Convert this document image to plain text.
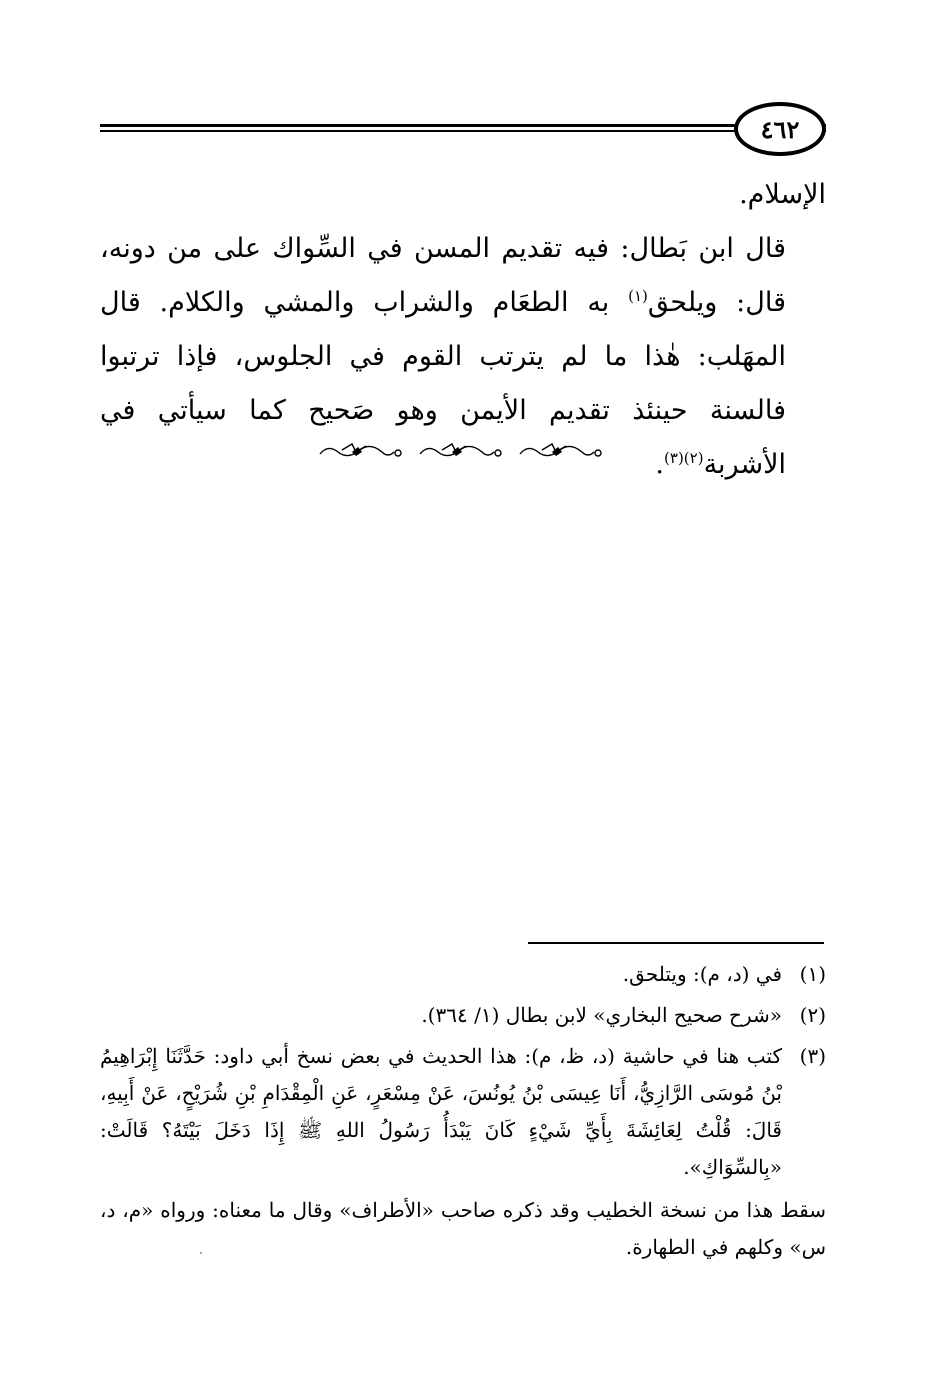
٤٦٢

الإسلام.

قال ابن بَطال: فيه تقديم المسن في السِّواك على من دونه، قال: ويلحق$^{(١)}$ به الطعَام والشراب والمشي والكلام. قال المهَلب: هٰذا ما لم يترتب القوم في الجلوس، فإذا ترتبوا فالسنة حينئذ تقديم الأيمن وهو صَحيح كما سيأتي في الأشربة$^{(٢)(٣)}$.

(١)
في (د، م): ويتلحق.
(٢)
«شرح صحيح البخاري» لابن بطال (١/ ٣٦٤).
(٣)
كتب هنا في حاشية (د، ظ، م): هذا الحديث في بعض نسخ أبي داود: حَدَّثَنَا إِبْرَاهِيمُ بْنُ مُوسَى الرَّازِيُّ، أَنَا عِيسَى بْنُ يُونُسَ، عَنْ مِسْعَرٍ، عَنِ الْمِقْدَامِ بْنِ شُرَيْحٍ، عَنْ أَبِيهِ، قَالَ: قُلْتُ لِعَائِشَةَ بِأَيِّ شَيْءٍ كَانَ يَبْدَأُ رَسُولُ اللهِ ﷺ إِذَا دَخَلَ بَيْتَهُ؟ قَالَتْ: «بِالسِّوَاكِ».
سقط هذا من نسخة الخطيب وقد ذكره صاحب «الأطراف» وقال ما معناه: ورواه «م، د، س» وكلهم في الطهارة.
